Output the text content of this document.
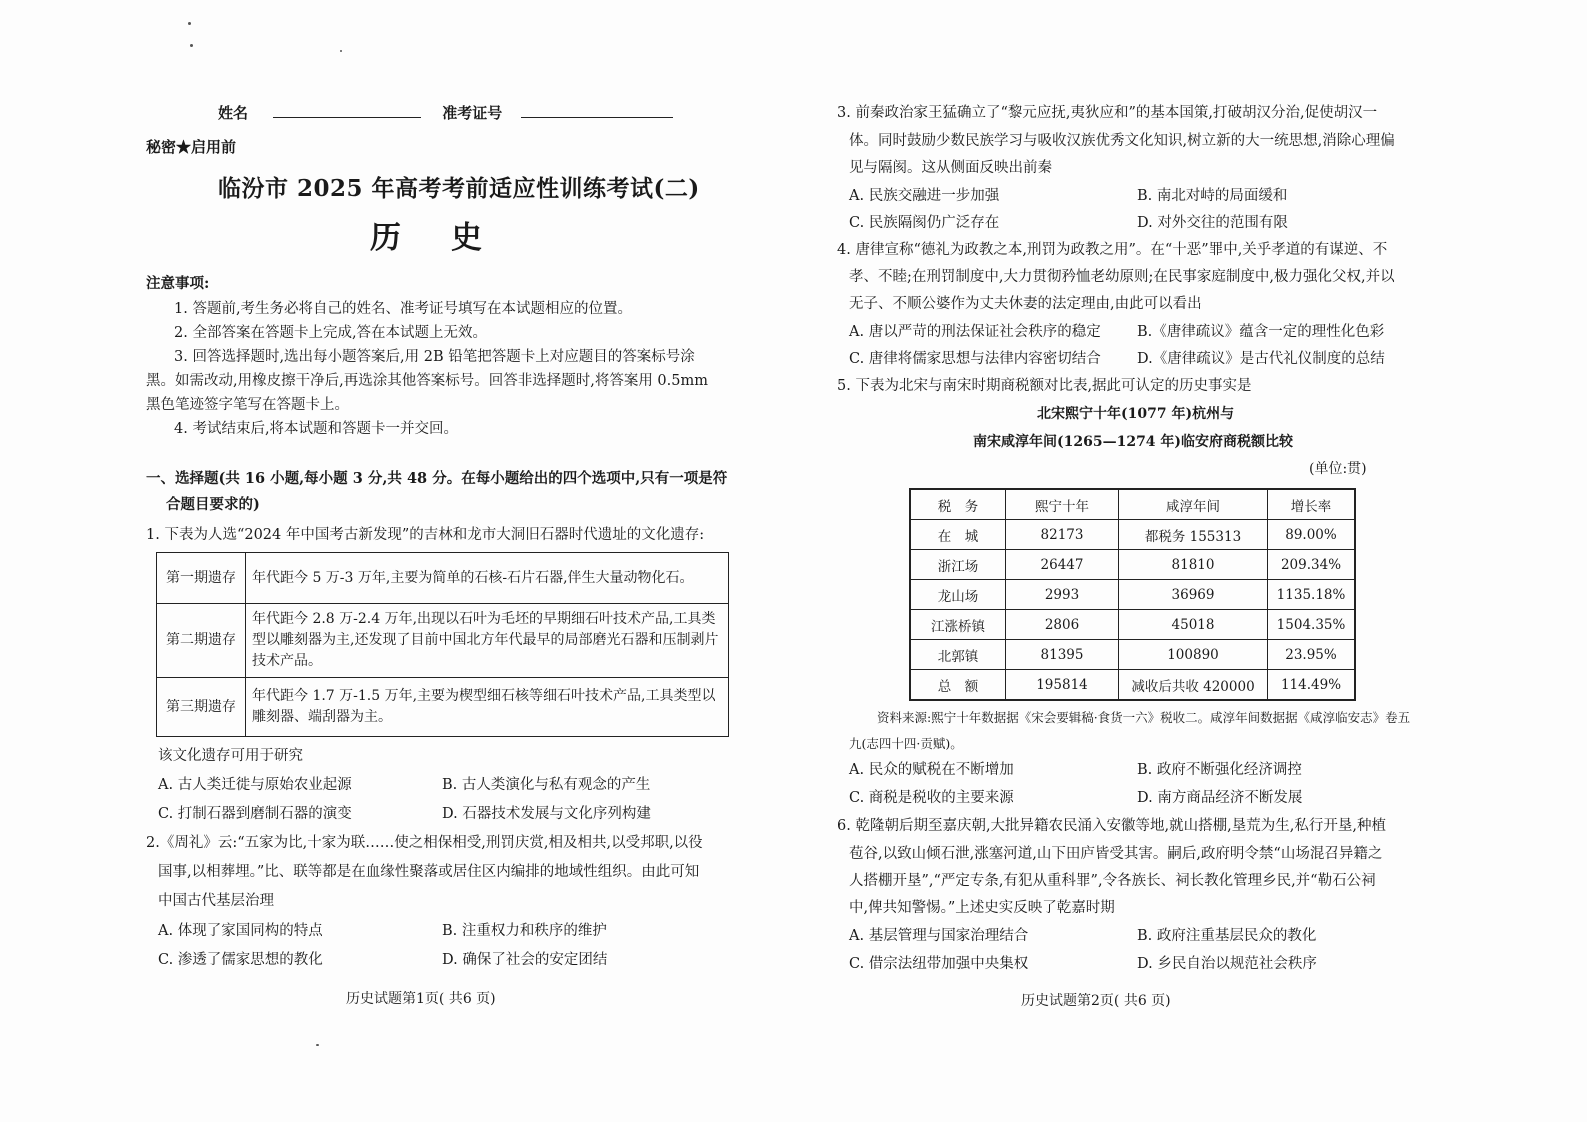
姓名	准考证号
秘密★启用前
临汾市 2025 年高考考前适应性训练考试(二)
历史
注意事项:
1. 答题前,考生务必将自己的姓名、准考证号填写在本试题相应的位置。
2. 全部答案在答题卡上完成,答在本试题上无效。
3. 回答选择题时,选出每小题答案后,用 2B 铅笔把答题卡上对应题目的答案标号涂
黑。如需改动,用橡皮擦干净后,再选涂其他答案标号。回答非选择题时,将答案用 0.5mm
黑色笔迹签字笔写在答题卡上。
4. 考试结束后,将本试题和答题卡一并交回。
一、选择题(共 16 小题,每小题 3 分,共 48 分。在每小题给出的四个选项中,只有一项是符
合题目要求的)
1. 下表为人选“2024 年中国考古新发现”的吉林和龙市大洞旧石器时代遗址的文化遗存:
第一期遗存	年代距今 5 万-3 万年,主要为简单的石核-石片石器,伴生大量动物化石。
第二期遗存	年代距今 2.8 万-2.4 万年,出现以石叶为毛坯的早期细石叶技术产品,工具类型以雕刻器为主,还发现了目前中国北方年代最早的局部磨光石器和压制剥片技术产品。
第三期遗存	年代距今 1.7 万-1.5 万年,主要为楔型细石核等细石叶技术产品,工具类型以雕刻器、端刮器为主。
该文化遗存可用于研究
A. 古人类迁徙与原始农业起源	B. 古人类演化与私有观念的产生
C. 打制石器到磨制石器的演变	D. 石器技术发展与文化序列构建
2.《周礼》云:“五家为比,十家为联……使之相保相受,刑罚庆赏,相及相共,以受邦职,以役
国事,以相葬埋。”比、联等都是在血缘性聚落或居住区内编排的地域性组织。由此可知
中国古代基层治理
A. 体现了家国同构的特点	B. 注重权力和秩序的维护
C. 渗透了儒家思想的教化	D. 确保了社会的安定团结
历史试题第1页( 共6 页)
3. 前秦政治家王猛确立了“黎元应抚,夷狄应和”的基本国策,打破胡汉分治,促使胡汉一
体。同时鼓励少数民族学习与吸收汉族优秀文化知识,树立新的大一统思想,消除心理偏
见与隔阂。这从侧面反映出前秦
A. 民族交融进一步加强	B. 南北对峙的局面缓和
C. 民族隔阂仍广泛存在	D. 对外交往的范围有限
4. 唐律宣称“德礼为政教之本,刑罚为政教之用”。在“十恶”罪中,关乎孝道的有谋逆、不
孝、不睦;在刑罚制度中,大力贯彻矜恤老幼原则;在民事家庭制度中,极力强化父权,并以
无子、不顺公婆作为丈夫休妻的法定理由,由此可以看出
A. 唐以严苛的刑法保证社会秩序的稳定	B.《唐律疏议》蕴含一定的理性化色彩
C. 唐律将儒家思想与法律内容密切结合 D.《唐律疏议》是古代礼仪制度的总结
5. 下表为北宋与南宋时期商税额对比表,据此可认定的历史事实是
北宋熙宁十年(1077 年)杭州与
南宋咸淳年间(1265—1274 年)临安府商税额比较
(单位:贯)
税　务	熙宁十年	咸淳年间	增长率
在　城	82173	都税务 155313	89.00%
浙江场	26447	81810	209.34%
龙山场	2993	36969	1135.18%
江涨桥镇	2806	45018	1504.35%
北郭镇	81395	100890	23.95%
总　额	195814	减收后共收 420000	114.49%
资料来源:熙宁十年数据据《宋会要辑稿·食货一六》税收二。咸淳年间数据据《咸淳临安志》卷五
九(志四十四·贡赋)。
A. 民众的赋税在不断增加	B. 政府不断强化经济调控
C. 商税是税收的主要来源	D. 南方商品经济不断发展
6. 乾隆朝后期至嘉庆朝,大批异籍农民涌入安徽等地,就山搭棚,垦荒为生,私行开垦,种植
苞谷,以致山倾石泄,涨塞河道,山下田庐皆受其害。嗣后,政府明令禁“山场混召异籍之
人搭棚开垦”,“严定专条,有犯从重科罪”,令各族长、祠长教化管理乡民,并“勒石公祠
中,俾共知警惕。”上述史实反映了乾嘉时期
A. 基层管理与国家治理结合	B. 政府注重基层民众的教化
C. 借宗法纽带加强中央集权	D. 乡民自治以规范社会秩序
历史试题第2页( 共6 页)
